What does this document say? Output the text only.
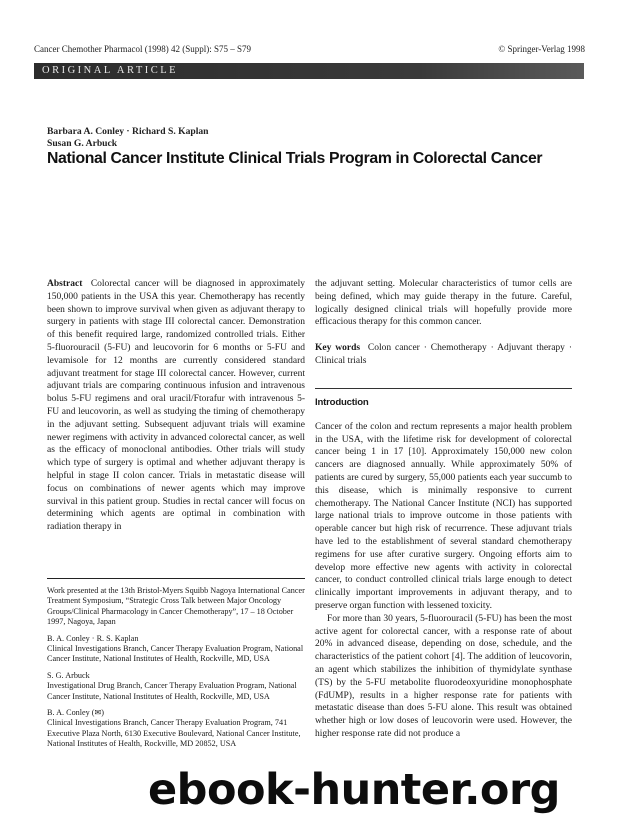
Cancer Chemother Pharmacol (1998) 42 (Suppl): S75 – S79	© Springer-Verlag 1998
ORIGINAL ARTICLE
Barbara A. Conley · Richard S. Kaplan
Susan G. Arbuck
National Cancer Institute Clinical Trials Program in Colorectal Cancer

Abstract Colorectal cancer will be diagnosed in approximately 150,000 patients in the USA this year. Chemotherapy has recently been shown to improve survival when given as adjuvant therapy to surgery in patients with stage III colorectal cancer. Demonstration of this benefit required large, randomized controlled trials. Either 5-fluorouracil (5-FU) and leucovorin for 6 months or 5-FU and levamisole for 12 months are currently considered standard adjuvant treatment for stage III colorectal cancer. However, current adjuvant trials are comparing continuous infusion and intravenous bolus 5-FU regimens and oral uracil/Ftorafur with intravenous 5-FU and leucovorin, as well as studying the timing of chemotherapy in the adjuvant setting. Subsequent adjuvant trials will examine newer regimens with activity in advanced colorectal cancer, as well as the efficacy of monoclonal antibodies. Other trials will study which type of surgery is optimal and whether adjuvant therapy is helpful in stage II colon cancer. Trials in metastatic disease will focus on combinations of newer agents which may improve survival in this patient group. Studies in rectal cancer will focus on determining which agents are optimal in combination with radiation therapy in

the adjuvant setting. Molecular characteristics of tumor cells are being defined, which may guide therapy in the future. Careful, logically designed clinical trials will hopefully provide more efficacious therapy for this common cancer.

Key words Colon cancer · Chemotherapy · Adjuvant therapy · Clinical trials

Introduction

Cancer of the colon and rectum represents a major health problem in the USA, with the lifetime risk for development of colorectal cancer being 1 in 17 [10]. Approximately 150,000 new colon cancers are diagnosed annually. While approximately 50% of patients are cured by surgery, 55,000 patients each year succumb to this disease, which is minimally responsive to current chemotherapy. The National Cancer Institute (NCI) has supported large national trials to improve outcome in those patients with operable cancer but high risk of recurrence. These adjuvant trials have led to the establishment of several standard chemotherapy regimens for use after curative surgery. Ongoing efforts aim to develop more effective new agents with activity in colorectal cancer, to conduct controlled clinical trials large enough to detect clinically important improvements in adjuvant therapy, and to preserve organ function with lessened toxicity.

For more than 30 years, 5-fluorouracil (5-FU) has been the most active agent for colorectal cancer, with a response rate of about 20% in advanced disease, depending on dose, schedule, and the characteristics of the patient cohort [4]. The addition of leucovorin, an agent which stabilizes the inhibition of thymidylate synthase (TS) by the 5-FU metabolite fluorodeoxyuridine monophosphate (FdUMP), results in a higher response rate for patients with metastatic disease than does 5-FU alone. This result was obtained whether high or low doses of leucovorin were used. However, the higher response rate did not produce a

Work presented at the 13th Bristol-Myers Squibb Nagoya International Cancer Treatment Symposium, “Strategic Cross Talk between Major Oncology Groups/Clinical Pharmacology in Cancer Chemotherapy”, 17 – 18 October 1997, Nagoya, Japan

B. A. Conley · R. S. Kaplan
Clinical Investigations Branch, Cancer Therapy Evaluation Program, National Cancer Institute, National Institutes of Health, Rockville, MD, USA

S. G. Arbuck
Investigational Drug Branch, Cancer Therapy Evaluation Program, National Cancer Institute, National Institutes of Health, Rockville, MD, USA

B. A. Conley (✉)
Clinical Investigations Branch, Cancer Therapy Evaluation Program, 741 Executive Plaza North, 6130 Executive Boulevard, National Cancer Institute, National Institutes of Health, Rockville, MD 20852, USA

ebook-hunter.org
